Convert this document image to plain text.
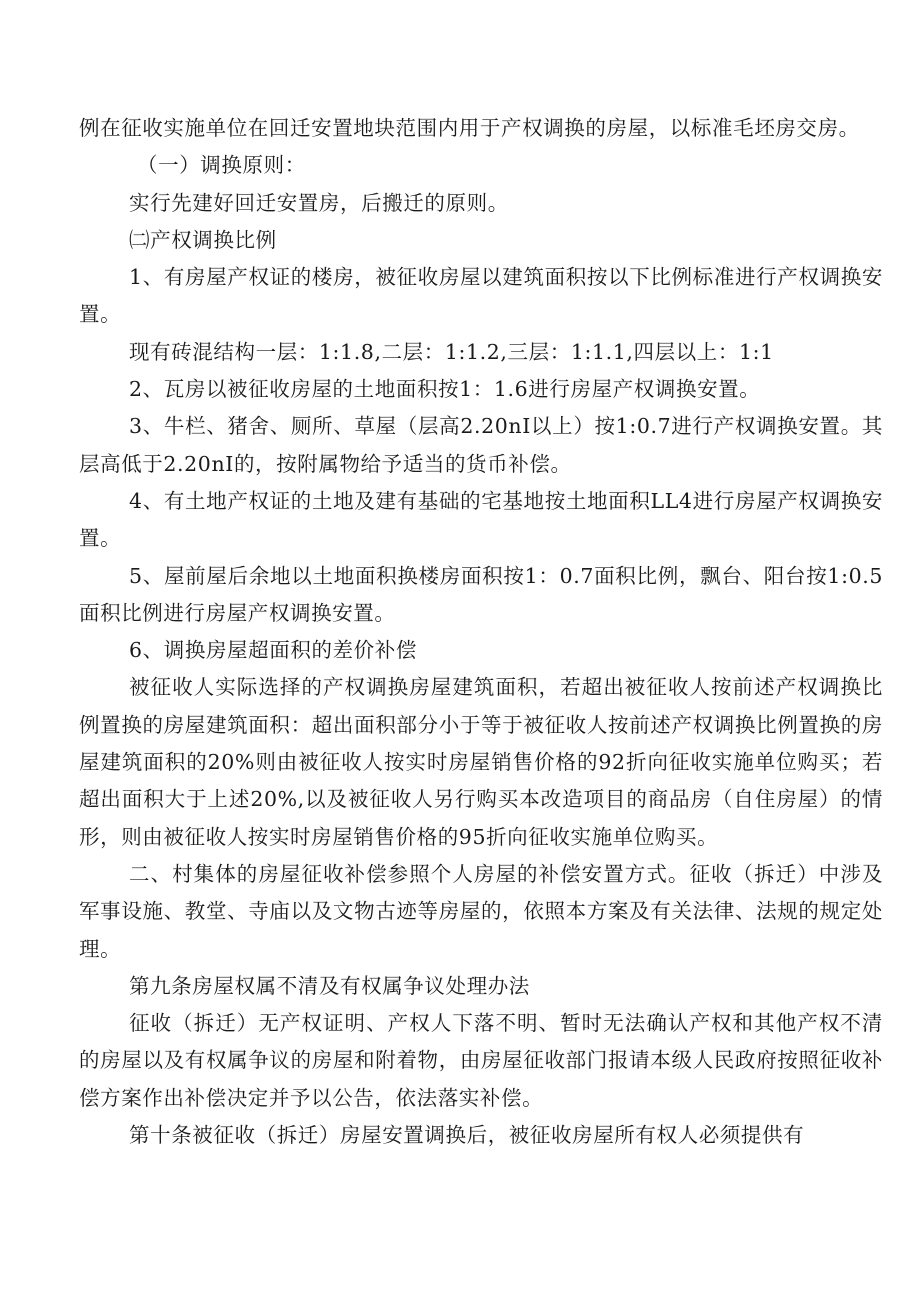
例在征收实施单位在回迁安置地块范围内用于产权调换的房屋，以标准毛坯房交房。

（一）调换原则：

实行先建好回迁安置房，后搬迁的原则。

㈡产权调换比例

1、有房屋产权证的楼房，被征收房屋以建筑面积按以下比例标准进行产权调换安置。

现有砖混结构一层：1:1.8,二层：1:1.2,三层：1:1.1,四层以上：1:1

2、瓦房以被征收房屋的土地面积按1：1.6进行房屋产权调换安置。

3、牛栏、猪舍、厕所、草屋（层高2.20nI以上）按1:0.7进行产权调换安置。其层高低于2.20nI的，按附属物给予适当的货币补偿。

4、有土地产权证的土地及建有基础的宅基地按土地面积LL4进行房屋产权调换安置。

5、屋前屋后余地以土地面积换楼房面积按1：0.7面积比例，飘台、阳台按1:0.5面积比例进行房屋产权调换安置。

6、调换房屋超面积的差价补偿

被征收人实际选择的产权调换房屋建筑面积，若超出被征收人按前述产权调换比例置换的房屋建筑面积：超出面积部分小于等于被征收人按前述产权调换比例置换的房屋建筑面积的20%则由被征收人按实时房屋销售价格的92折向征收实施单位购买；若超出面积大于上述20%,以及被征收人另行购买本改造项目的商品房（自住房屋）的情形，则由被征收人按实时房屋销售价格的95折向征收实施单位购买。

二、村集体的房屋征收补偿参照个人房屋的补偿安置方式。征收（拆迁）中涉及军事设施、教堂、寺庙以及文物古迹等房屋的，依照本方案及有关法律、法规的规定处理。

第九条房屋权属不清及有权属争议处理办法

征收（拆迁）无产权证明、产权人下落不明、暂时无法确认产权和其他产权不清的房屋以及有权属争议的房屋和附着物，由房屋征收部门报请本级人民政府按照征收补偿方案作出补偿决定并予以公告，依法落实补偿。

第十条被征收（拆迁）房屋安置调换后，被征收房屋所有权人必须提供有
